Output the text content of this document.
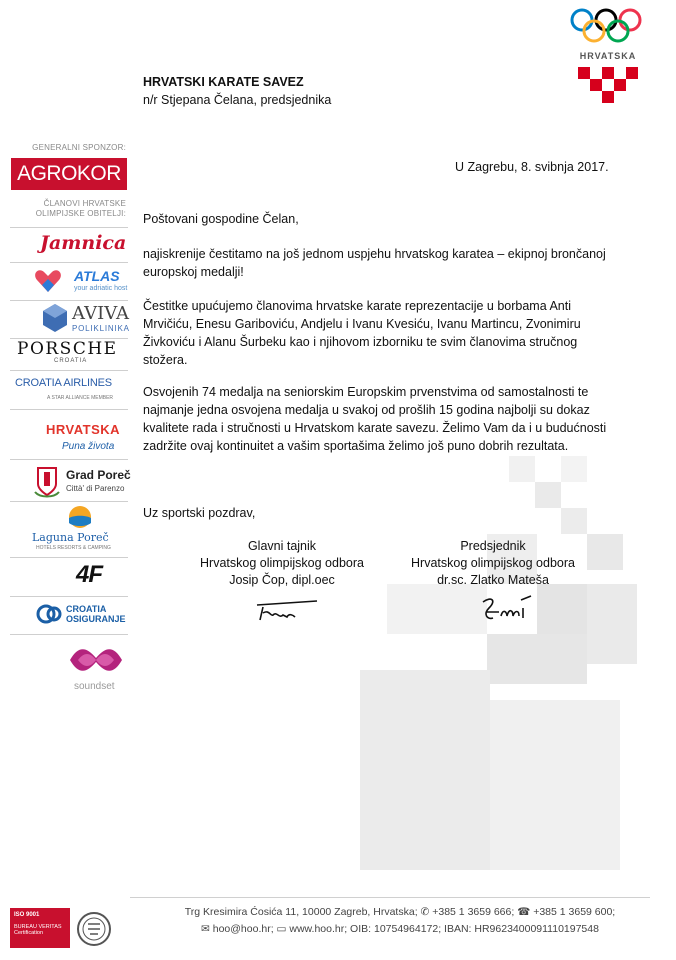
HRVATSKA
HRVATSKI KARATE SAVEZ
n/r Stjepana Čelana, predsjednika
U Zagrebu, 8. svibnja 2017.
Poštovani gospodine Čelan,
najiskrenije čestitamo na još jednom uspjehu hrvatskog karatea – ekipnoj brončanoj europskoj medalji!
Čestitke upućujemo članovima hrvatske karate reprezentacije u borbama Anti Mrvičiću, Enesu Gariboviću, Andjelu i Ivanu Kvesiću, Ivanu Martincu, Zvonimiru Živkoviću i Alanu Šurbeku kao i njihovom izborniku te svim članovima stručnog stožera.
Osvojenih 74 medalja na seniorskim Europskim prvenstvima od samostalnosti te najmanje jedna osvojena medalja u svakoj od prošlih 15 godina najbolji su dokaz kvalitete rada i stručnosti u Hrvatskom karate savezu. Želimo Vam da i u budućnosti zadržite ovaj kontinuitet a vašim sportašima želimo još puno dobrih rezultata.
Uz sportski pozdrav,
Glavni tajnik
Hrvatskog olimpijskog odbora
Josip Čop, dipl.oec
Predsjednik
Hrvatskog olimpijskog odbora
dr.sc. Zlatko Mateša
GENERALNI SPONZOR:
AGROKOR
ČLANOVI HRVATSKE
OLIMPIJSKE OBITELJI:
Jamnica
ATLAS
your adriatic host
AVIVA
POLIKLINIKA
PORSCHE
CROATIA
CROATIA AIRLINES
A STAR ALLIANCE MEMBER
HRVATSKA
Puna života
Grad Poreč
Città' di Parenzo
Laguna Poreč
HOTELS RESORTS & CAMPING
4F
CROATIA
OSIGURANJE
soundset
Trg Kresimira Ćosića 11, 10000 Zagreb, Hrvatska; ✆ +385 1 3659 666; ☎ +385 1 3659 600;
✉ hoo@hoo.hr; ▭ www.hoo.hr; OIB: 10754964172; IBAN: HR9623400091110197548
ISO 9001
BUREAU VERITAS
Certification
